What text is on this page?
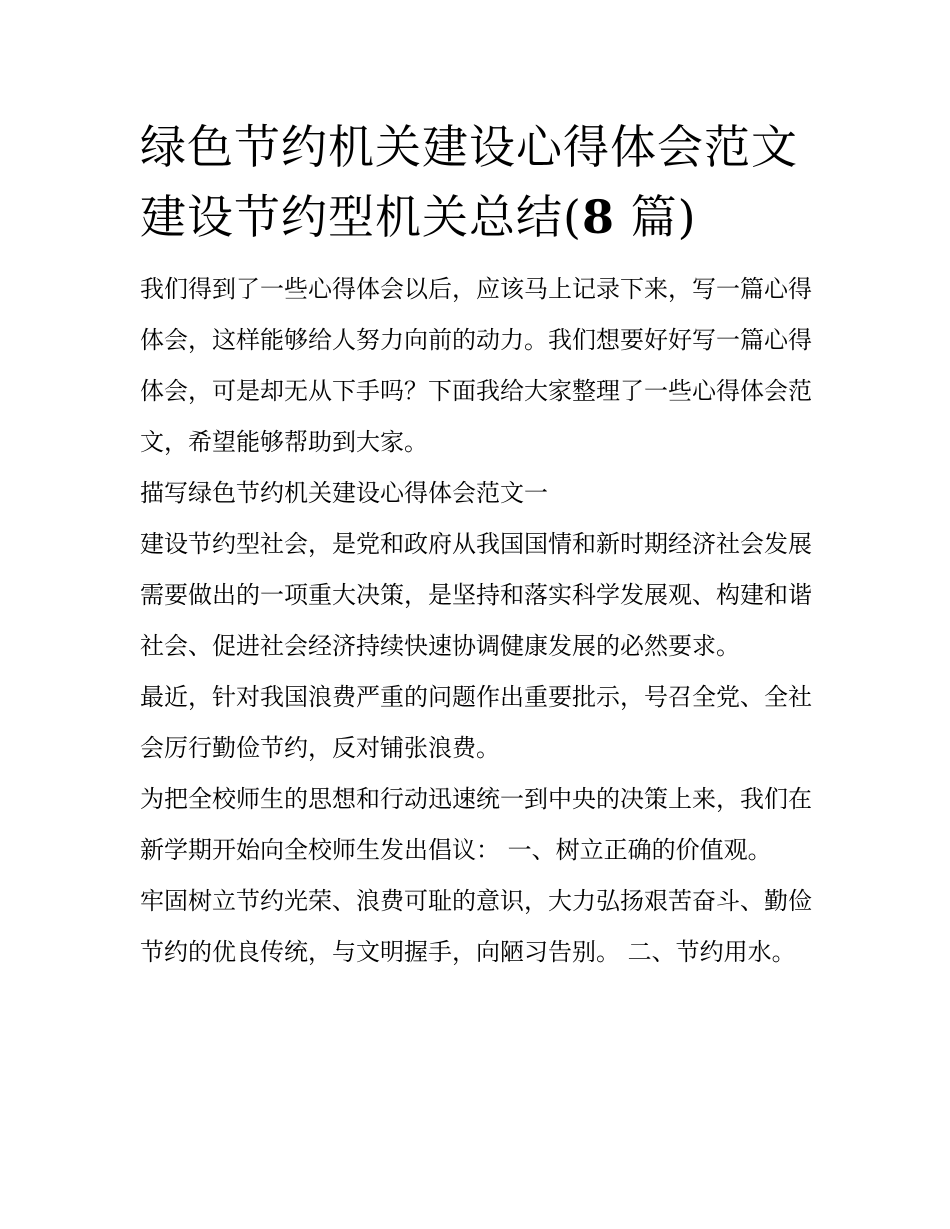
绿色节约机关建设心得体会范文 建设节约型机关总结(8 篇)

我们得到了一些心得体会以后，应该马上记录下来，写一篇心得体会，这样能够给人努力向前的动力。我们想要好好写一篇心得体会，可是却无从下手吗？下面我给大家整理了一些心得体会范文，希望能够帮助到大家。

描写绿色节约机关建设心得体会范文一

建设节约型社会，是党和政府从我国国情和新时期经济社会发展需要做出的一项重大决策，是坚持和落实科学发展观、构建和谐社会、促进社会经济持续快速协调健康发展的必然要求。

最近，针对我国浪费严重的问题作出重要批示，号召全党、全社会厉行勤俭节约，反对铺张浪费。

为把全校师生的思想和行动迅速统一到中央的决策上来，我们在新学期开始向全校师生发出倡议： 一、树立正确的价值观。

牢固树立节约光荣、浪费可耻的意识，大力弘扬艰苦奋斗、勤俭节约的优良传统，与文明握手，向陋习告别。 二、节约用水。
